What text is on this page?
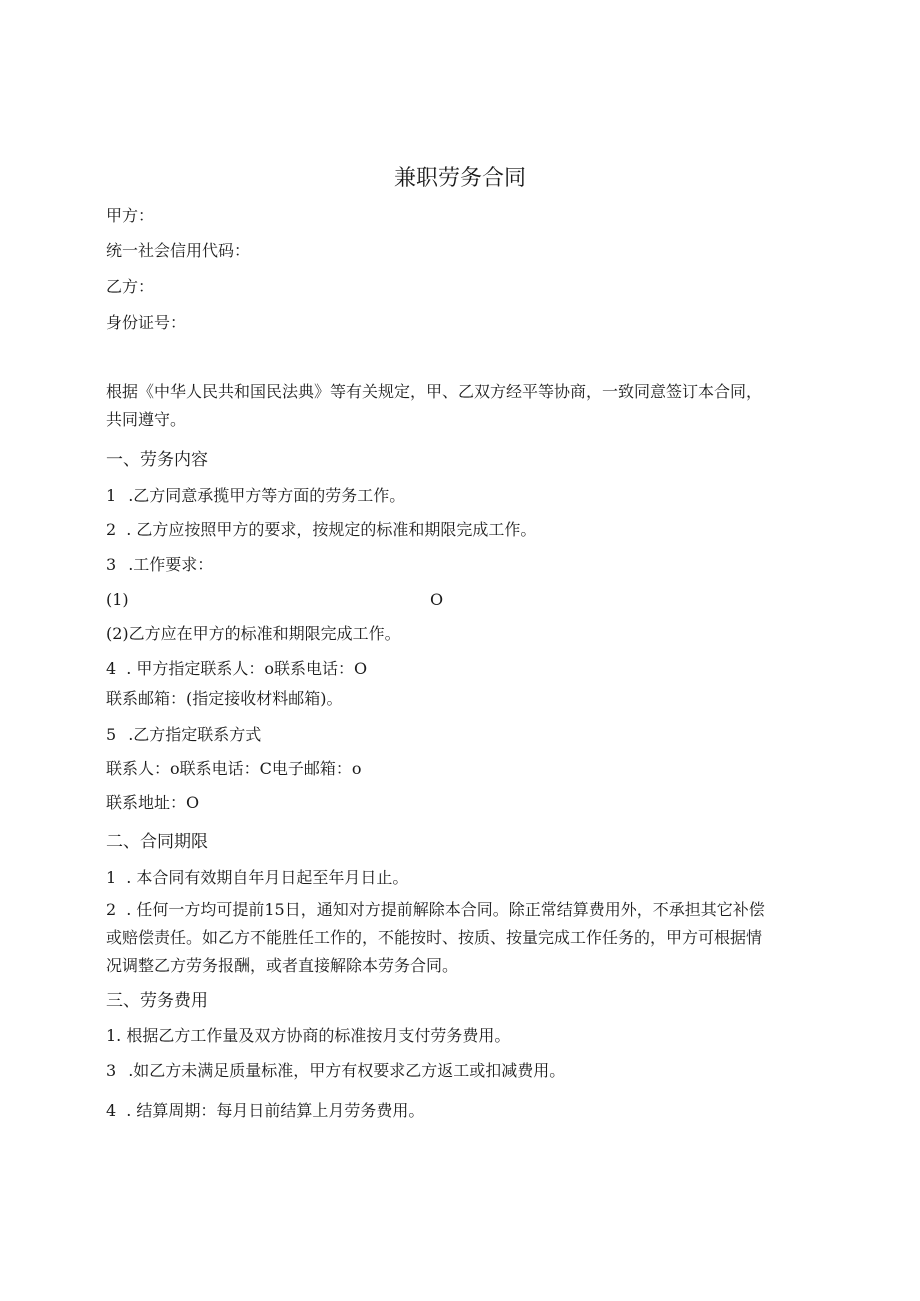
兼职劳务合同
甲方：
统一社会信用代码：
乙方：
身份证号：
根据《中华人民共和国民法典》等有关规定，甲、乙双方经平等协商，一致同意签订本合同，
共同遵守。
一、劳务内容
1 .乙方同意承揽甲方等方面的劳务工作。
2 . 乙方应按照甲方的要求，按规定的标准和期限完成工作。
3 .工作要求：
(1)	O
(2)乙方应在甲方的标准和期限完成工作。
4 . 甲方指定联系人：o联系电话：O
联系邮箱：(指定接收材料邮箱)。
5 .乙方指定联系方式
联系人：o联系电话：C电子邮箱：o
联系地址：O
二、合同期限
1 . 本合同有效期自年月日起至年月日止。
2 . 任何一方均可提前15日，通知对方提前解除本合同。除正常结算费用外，不承担其它补偿
或赔偿责任。如乙方不能胜任工作的，不能按时、按质、按量完成工作任务的，甲方可根据情
况调整乙方劳务报酬，或者直接解除本劳务合同。
三、劳务费用
1. 根据乙方工作量及双方协商的标准按月支付劳务费用。
3 .如乙方未满足质量标准，甲方有权要求乙方返工或扣减费用。
4 . 结算周期：每月日前结算上月劳务费用。
